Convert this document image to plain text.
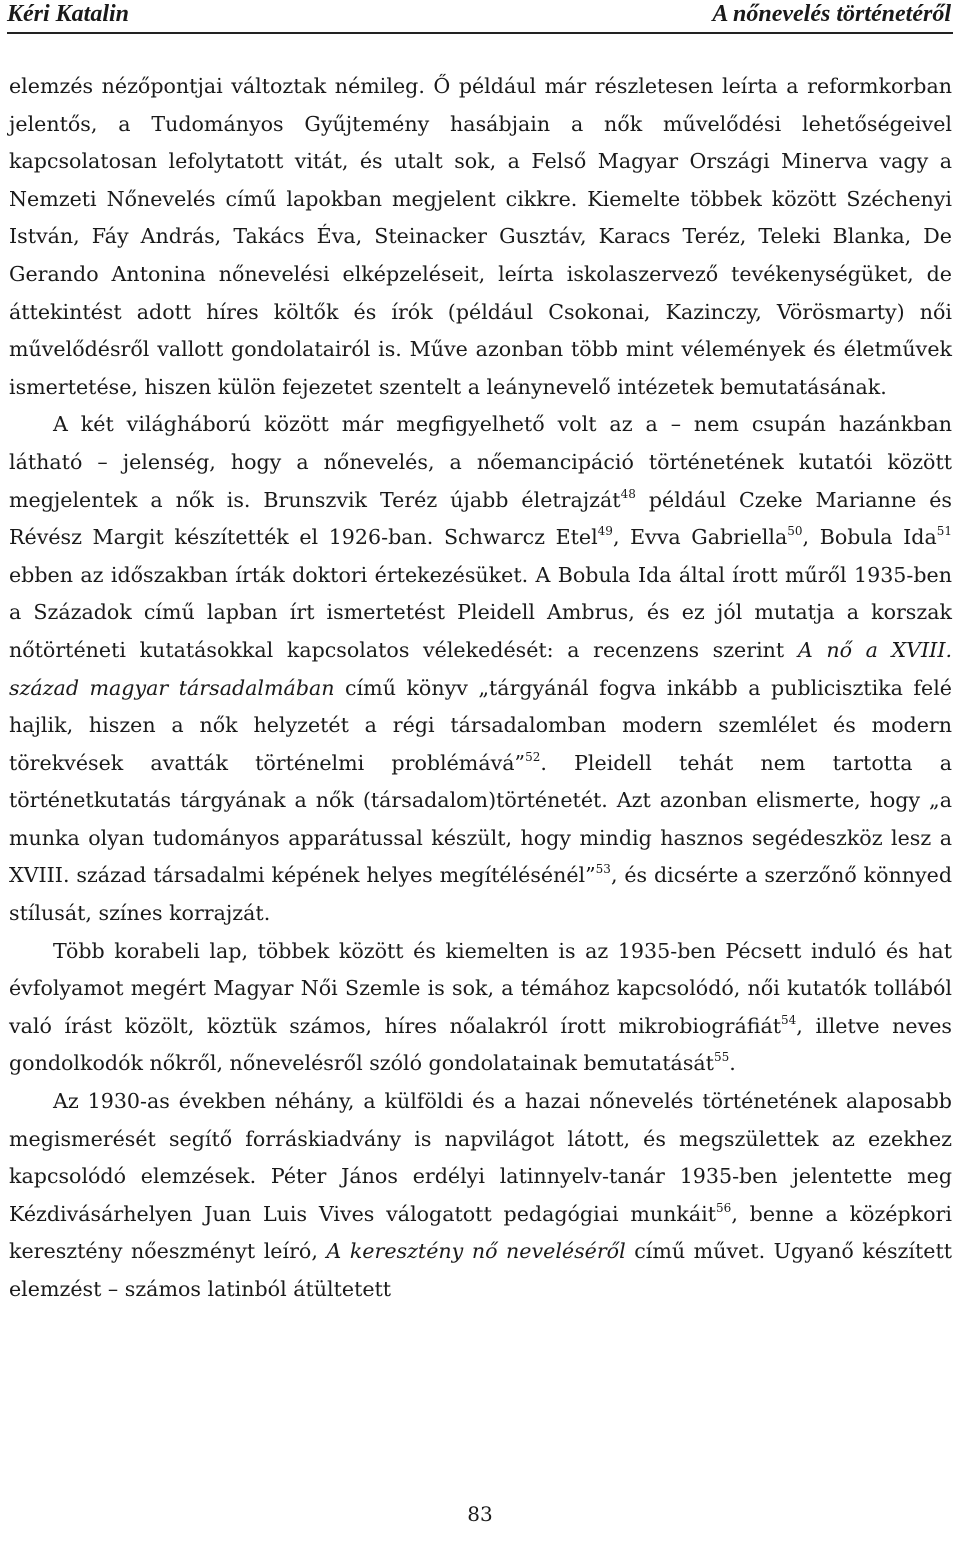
Kéri Katalin	A nőnevelés történetéről

elemzés nézőpontjai változtak némileg. Ő például már részletesen leírta a reformkorban jelentős, a Tudományos Gyűjtemény hasábjain a nők művelődési lehetőségeivel kapcsolatosan lefolytatott vitát, és utalt sok, a Felső Magyar Országi Minerva vagy a Nemzeti Nőnevelés című lapokban megjelent cikkre. Kiemelte többek között Széchenyi István, Fáy András, Takács Éva, Steinacker Gusztáv, Karacs Teréz, Teleki Blanka, De Gerando Antonina nőnevelési elképzeléseit, leírta iskolaszervező tevékenységüket, de áttekintést adott híres költők és írók (például Csokonai, Kazinczy, Vörösmarty) női művelődésről vallott gondolatairól is. Műve azonban több mint vélemények és életművek ismertetése, hiszen külön fejezetet szentelt a leánynevelő intézetek bemutatásának.

A két világháború között már megfigyelhető volt az a – nem csupán hazánkban látható – jelenség, hogy a nőnevelés, a nőemancipáció történetének kutatói között megjelentek a nők is. Brunszvik Teréz újabb életrajzát$^{48}$ például Czeke Marianne és Révész Margit készítették el 1926-ban. Schwarcz Etel$^{49}$, Evva Gabriella$^{50}$, Bobula Ida$^{51}$ ebben az időszakban írták doktori értekezésüket. A Bobula Ida által írott műről 1935-ben a Századok című lapban írt ismertetést Pleidell Ambrus, és ez jól mutatja a korszak nőtörténeti kutatásokkal kapcsolatos vélekedését: a recenzens szerint A nő a XVIII. század magyar társadalmában című könyv „tárgyánál fogva inkább a publicisztika felé hajlik, hiszen a nők helyzetét a régi társadalomban modern szemlélet és modern törekvések avatták történelmi problémává”$^{52}$. Pleidell tehát nem tartotta a történetkutatás tárgyának a nők (társadalom)történetét. Azt azonban elismerte, hogy „a munka olyan tudományos apparátussal készült, hogy mindig hasznos segédeszköz lesz a XVIII. század társadalmi képének helyes megítélésénél”$^{53}$, és dicsérte a szerzőnő könnyed stílusát, színes korrajzát.

Több korabeli lap, többek között és kiemelten is az 1935-ben Pécsett induló és hat évfolyamot megért Magyar Női Szemle is sok, a témához kapcsolódó, női kutatók tollából való írást közölt, köztük számos, híres nőalakról írott mikrobiográfiát$^{54}$, illetve neves gondolkodók nőkről, nőnevelésről szóló gondolatainak bemutatását$^{55}$.

Az 1930-as években néhány, a külföldi és a hazai nőnevelés történetének alaposabb megismerését segítő forráskiadvány is napvilágot látott, és megszülettek az ezekhez kapcsolódó elemzések. Péter János erdélyi latinnyelv-tanár 1935-ben jelentette meg Kézdivásárhelyen Juan Luis Vives válogatott pedagógiai munkáit$^{56}$, benne a középkori keresztény nőeszményt leíró, A keresztény nő neveléséről című művet. Ugyanő készített elemzést – számos latinból átültetett

83
